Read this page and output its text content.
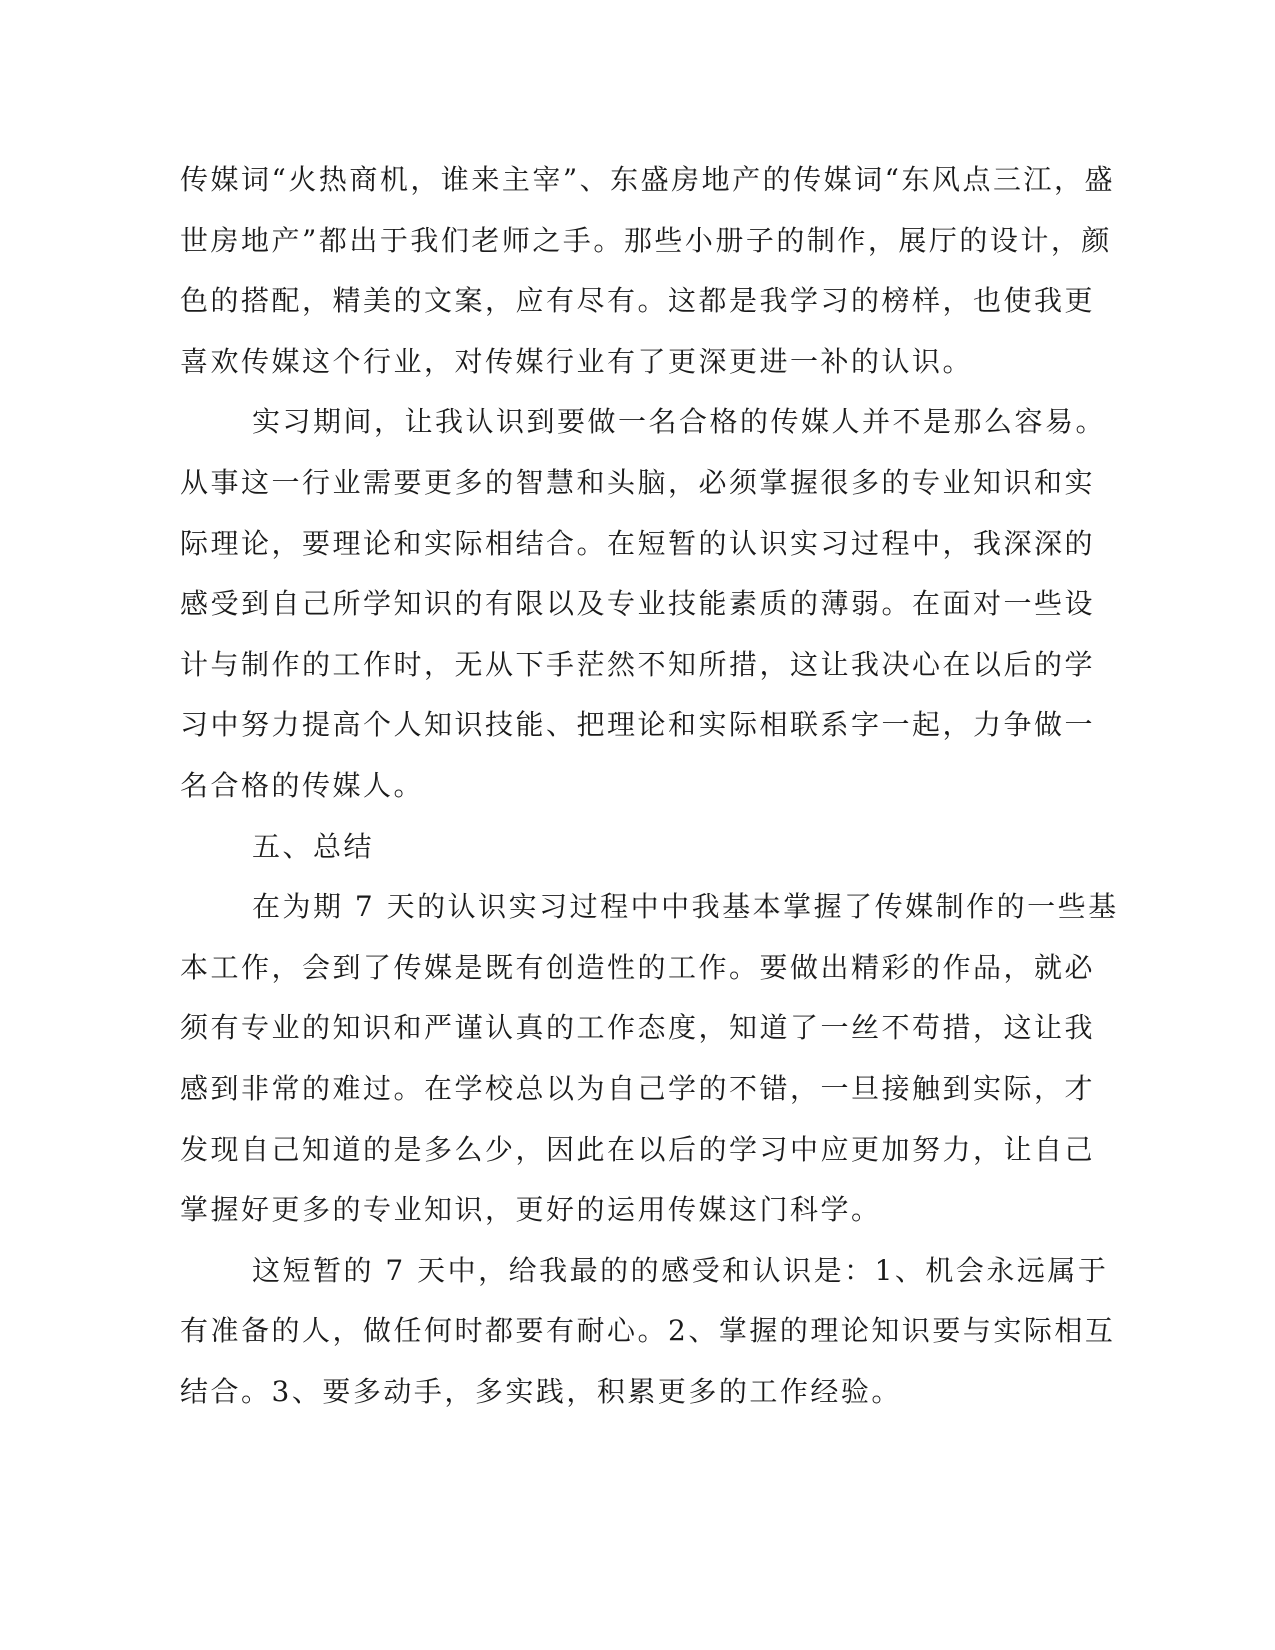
传媒词“火热商机，谁来主宰”、东盛房地产的传媒词“东风点三江，盛
世房地产”都出于我们老师之手。那些小册子的制作，展厅的设计，颜
色的搭配，精美的文案，应有尽有。这都是我学习的榜样，也使我更
喜欢传媒这个行业，对传媒行业有了更深更进一补的认识。
实习期间，让我认识到要做一名合格的传媒人并不是那么容易。
从事这一行业需要更多的智慧和头脑，必须掌握很多的专业知识和实
际理论，要理论和实际相结合。在短暂的认识实习过程中，我深深的
感受到自己所学知识的有限以及专业技能素质的薄弱。在面对一些设
计与制作的工作时，无从下手茫然不知所措，这让我决心在以后的学
习中努力提高个人知识技能、把理论和实际相联系字一起，力争做一
名合格的传媒人。
五、总结
在为期 7 天的认识实习过程中中我基本掌握了传媒制作的一些基
本工作，会到了传媒是既有创造性的工作。要做出精彩的作品，就必
须有专业的知识和严谨认真的工作态度，知道了一丝不苟措，这让我
感到非常的难过。在学校总以为自己学的不错，一旦接触到实际，才
发现自己知道的是多么少，因此在以后的学习中应更加努力，让自己
掌握好更多的专业知识，更好的运用传媒这门科学。
这短暂的 7 天中，给我最的的感受和认识是：1、机会永远属于
有准备的人，做任何时都要有耐心。2、掌握的理论知识要与实际相互
结合。3、要多动手，多实践，积累更多的工作经验。
